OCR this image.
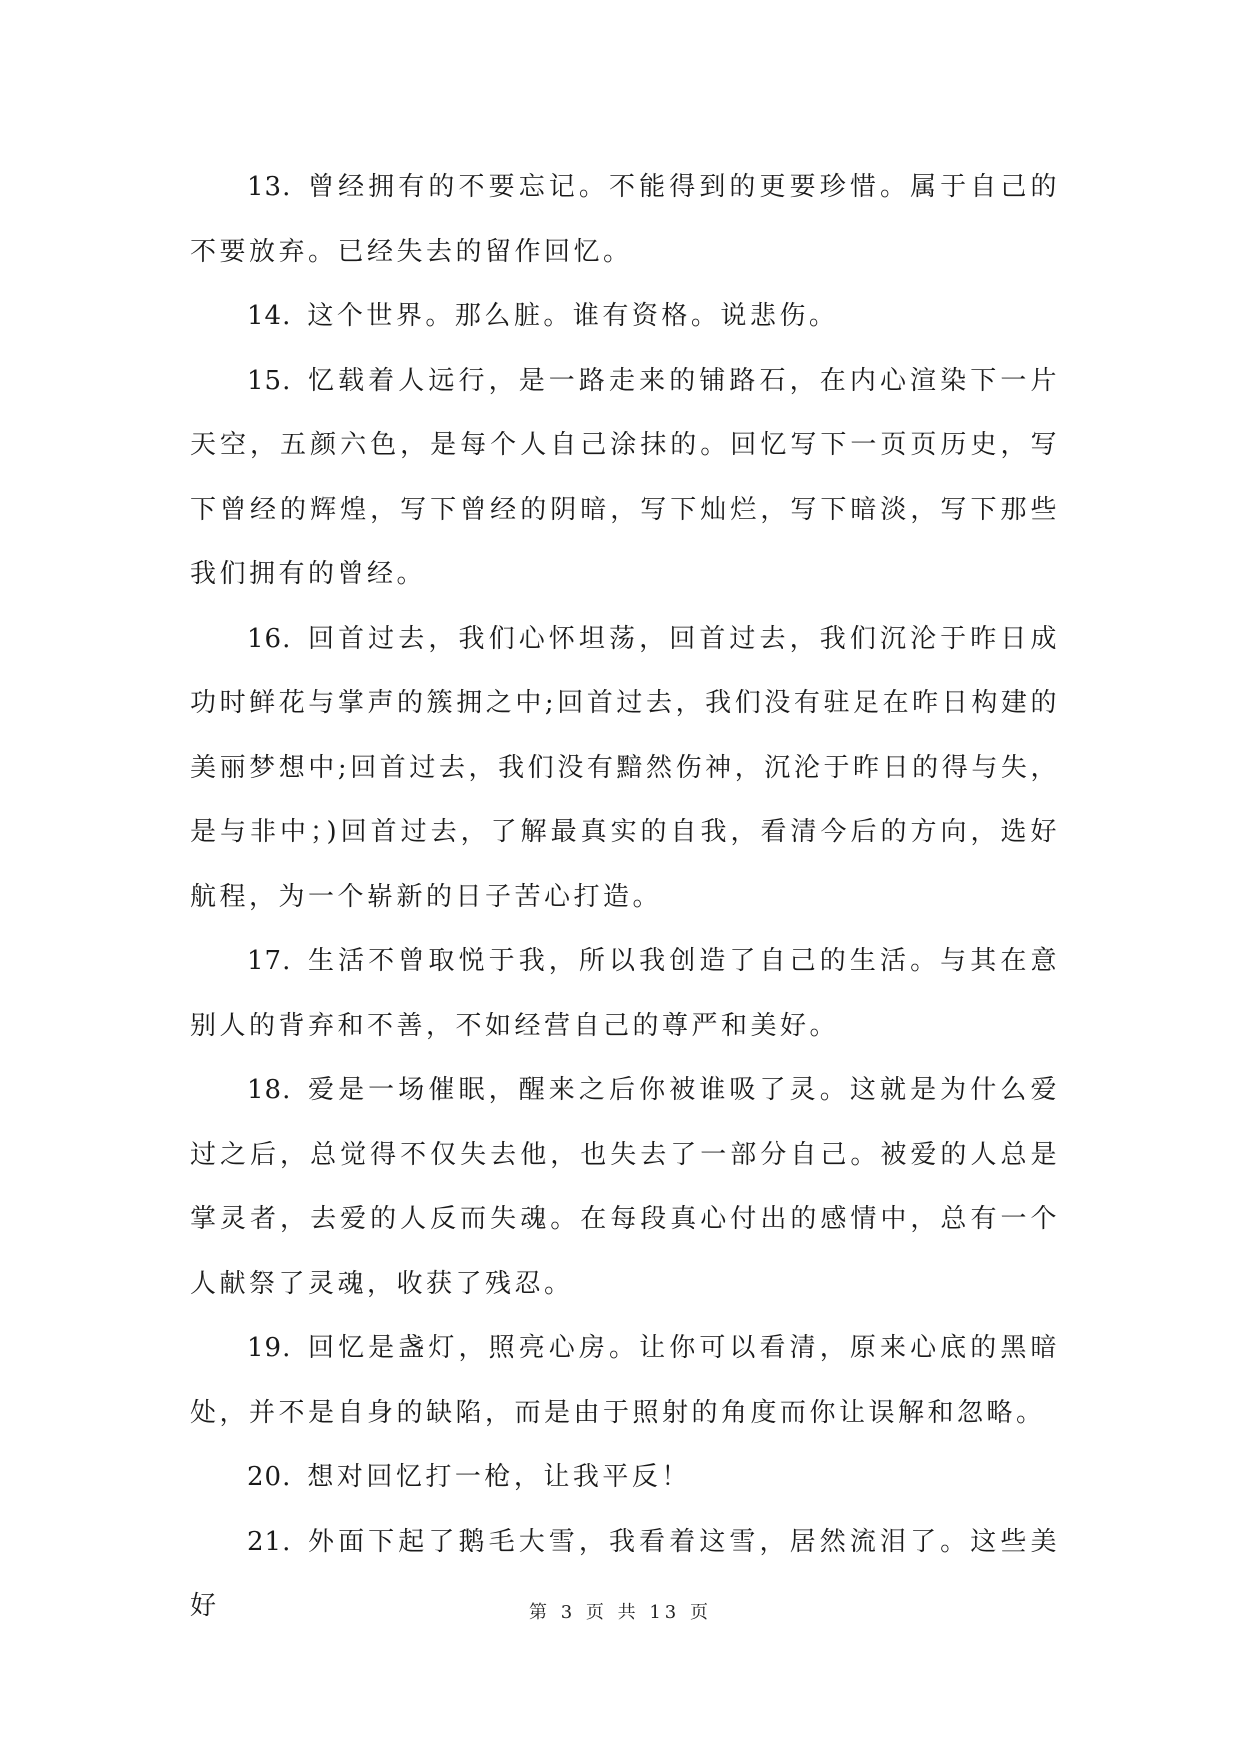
13. 曾经拥有的不要忘记。不能得到的更要珍惜。属于自己的不要放弃。已经失去的留作回忆。

14. 这个世界。那么脏。谁有资格。说悲伤。

15. 忆载着人远行，是一路走来的铺路石，在内心渲染下一片天空，五颜六色，是每个人自己涂抹的。回忆写下一页页历史，写下曾经的辉煌，写下曾经的阴暗，写下灿烂，写下暗淡，写下那些我们拥有的曾经。

16. 回首过去，我们心怀坦荡，回首过去，我们沉沦于昨日成功时鲜花与掌声的簇拥之中;回首过去，我们没有驻足在昨日构建的美丽梦想中;回首过去，我们没有黯然伤神，沉沦于昨日的得与失，是与非中；)回首过去，了解最真实的自我，看清今后的方向，选好航程，为一个崭新的日子苦心打造。

17. 生活不曾取悦于我，所以我创造了自己的生活。与其在意别人的背弃和不善，不如经营自己的尊严和美好。

18. 爱是一场催眠，醒来之后你被谁吸了灵。这就是为什么爱过之后，总觉得不仅失去他，也失去了一部分自己。被爱的人总是掌灵者，去爱的人反而失魂。在每段真心付出的感情中，总有一个人献祭了灵魂，收获了残忍。

19. 回忆是盏灯，照亮心房。让你可以看清，原来心底的黑暗处，并不是自身的缺陷，而是由于照射的角度而你让误解和忽略。

20. 想对回忆打一枪，让我平反！

21. 外面下起了鹅毛大雪，我看着这雪，居然流泪了。这些美好	第 3 页 共 13 页
